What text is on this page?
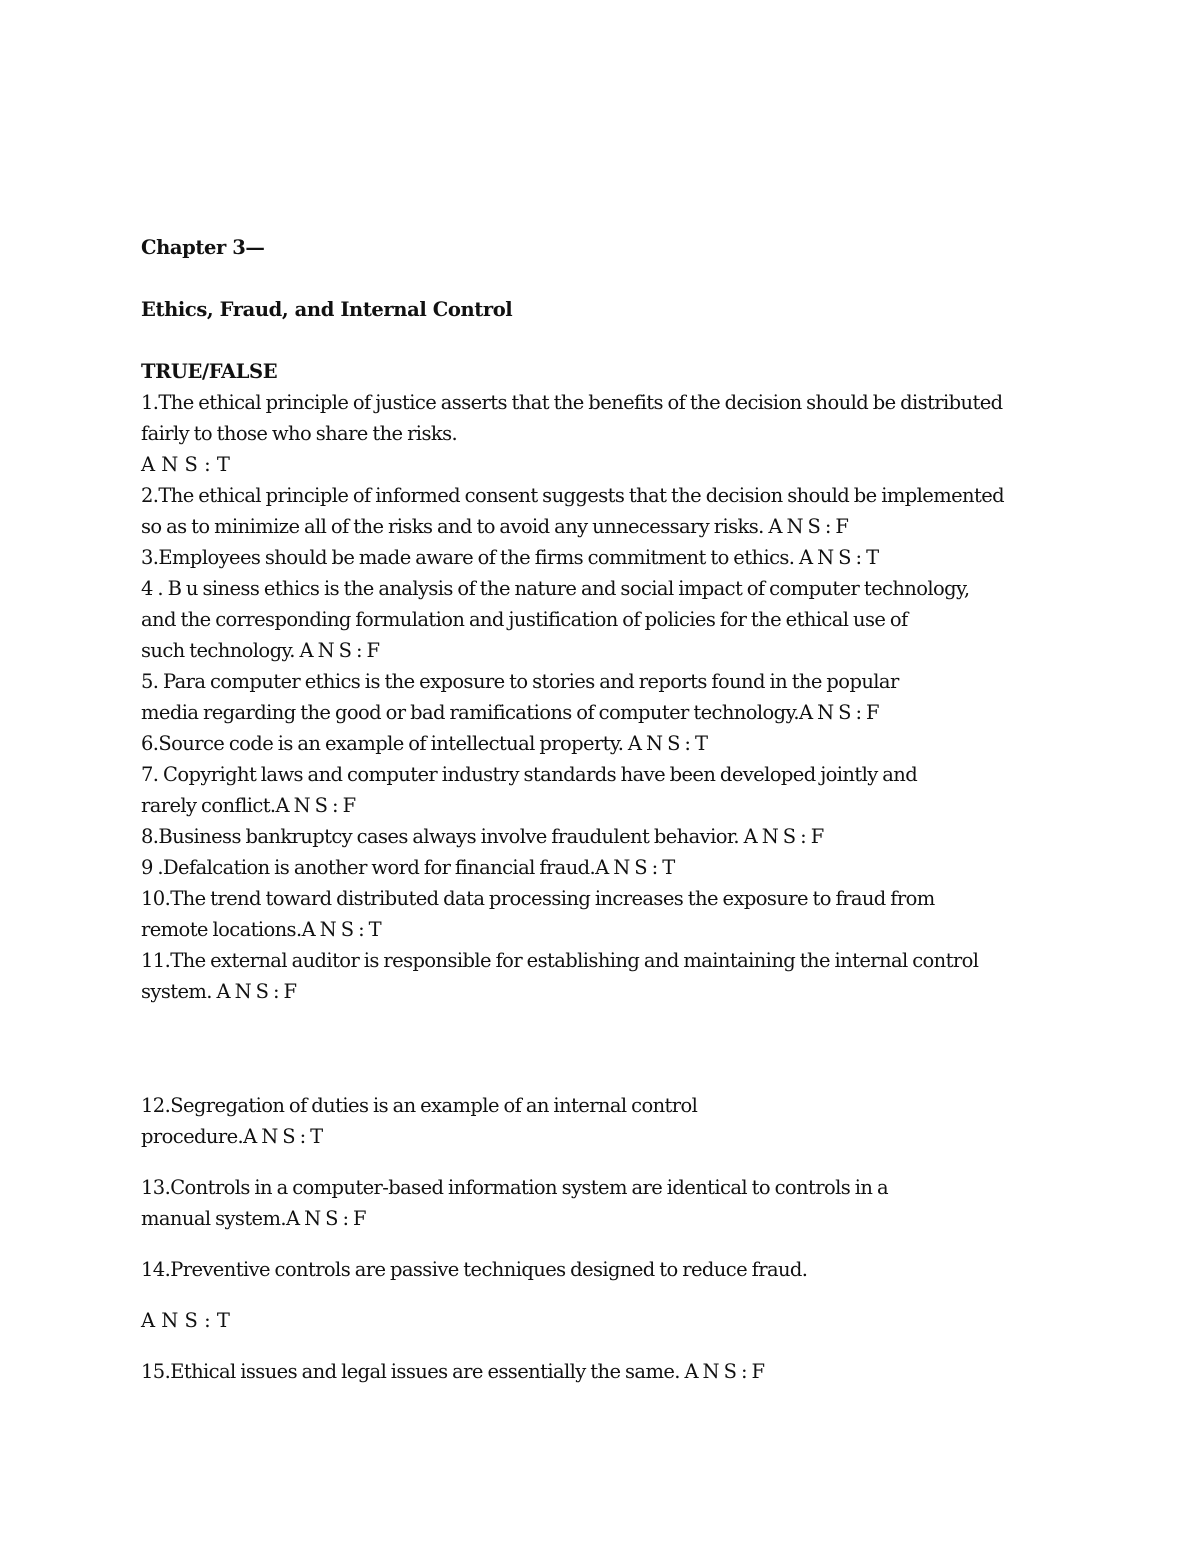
Chapter 3—

Ethics, Fraud, and Internal Control

TRUE/FALSE

1.The ethical principle of justice asserts that the benefits of the decision should be distributed

fairly to those who share the risks.

A N S : T

2.The ethical principle of informed consent suggests that the decision should be implemented

so as to minimize all of the risks and to avoid any unnecessary risks. A N S : F

3.Employees should be made aware of the firms commitment to ethics. A N S : T

4 . B u siness ethics is the analysis of the nature and social impact of computer technology,

and the corresponding formulation and justification of policies for the ethical use of

such technology. A N S : F

5. Para computer ethics is the exposure to stories and reports found in the popular

media regarding the good or bad ramifications of computer technology.A N S : F

6.Source code is an example of intellectual property. A N S : T

7. Copyright laws and computer industry standards have been developed jointly and

rarely conflict.A N S : F

8.Business bankruptcy cases always involve fraudulent behavior. A N S : F

9 .Defalcation is another word for financial fraud.A N S : T

10.The trend toward distributed data processing increases the exposure to fraud from

remote locations.A N S : T

11.The external auditor is responsible for establishing and maintaining the internal control

system. A N S : F

12.Segregation of duties is an example of an internal control

procedure.A N S : T

13.Controls in a computer-based information system are identical to controls in a

manual system.A N S : F

14.Preventive controls are passive techniques designed to reduce fraud.

A N S : T

15.Ethical issues and legal issues are essentially the same. A N S : F
